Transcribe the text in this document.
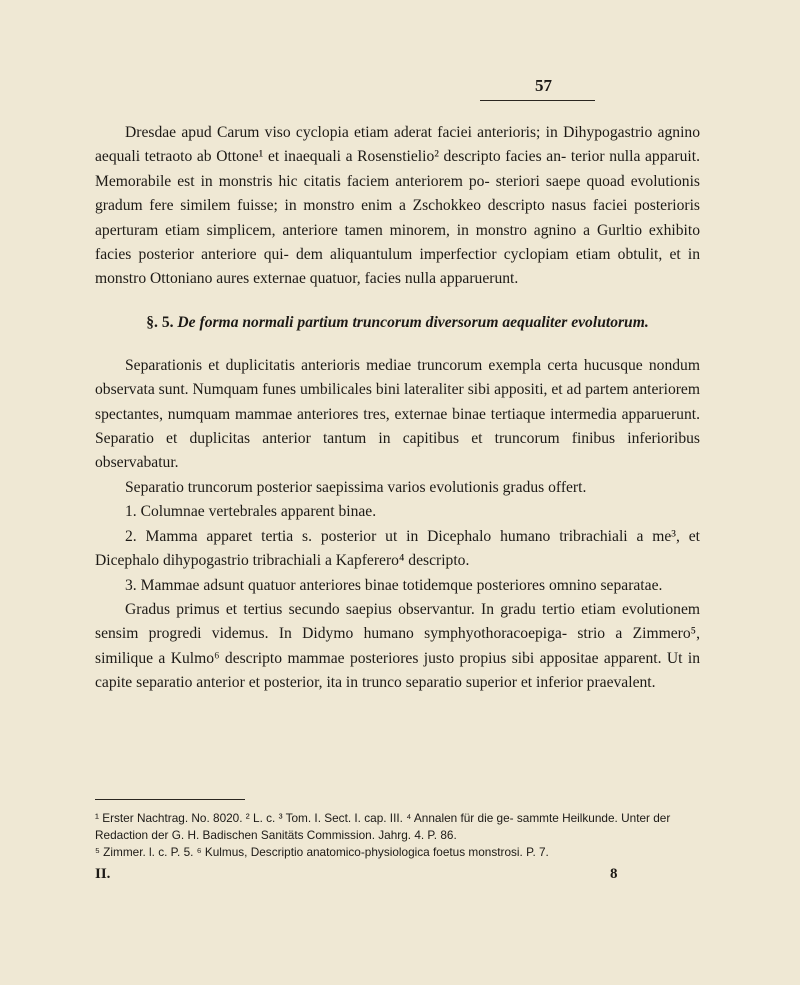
57

Dresdae apud Carum viso cyclopia etiam aderat faciei anterioris; in Dihypogastrio agnino aequali tetraoto ab Ottone¹ et inaequali a Rosenstielio² descripto facies an- terior nulla apparuit. Memorabile est in monstris hic citatis faciem anteriorem po- steriori saepe quoad evolutionis gradum fere similem fuisse; in monstro enim a Zschokkeo descripto nasus faciei posterioris aperturam etiam simplicem, anteriore tamen minorem, in monstro agnino a Gurltio exhibito facies posterior anteriore qui- dem aliquantulum imperfectior cyclopiam etiam obtulit, et in monstro Ottoniano aures externae quatuor, facies nulla apparuerunt.

§. 5. De forma normali partium truncorum diversorum aequaliter evolutorum.

Separationis et duplicitatis anterioris mediae truncorum exempla certa hucusque nondum observata sunt. Numquam funes umbilicales bini lateraliter sibi appositi, et ad partem anteriorem spectantes, numquam mammae anteriores tres, externae binae tertiaque intermedia apparuerunt. Separatio et duplicitas anterior tantum in capitibus et truncorum finibus inferioribus observabatur.

Separatio truncorum posterior saepissima varios evolutionis gradus offert.

1. Columnae vertebrales apparent binae.

2. Mamma apparet tertia s. posterior ut in Dicephalo humano tribrachiali a me³, et Dicephalo dihypogastrio tribrachiali a Kapferero⁴ descripto.

3. Mammae adsunt quatuor anteriores binae totidemque posteriores omnino separatae.

Gradus primus et tertius secundo saepius observantur. In gradu tertio etiam evolutionem sensim progredi videmus. In Didymo humano symphyothoracoepiga- strio a Zimmero⁵, similique a Kulmo⁶ descripto mammae posteriores justo propius sibi appositae apparent. Ut in capite separatio anterior et posterior, ita in trunco separatio superior et inferior praevalent.

¹ Erster Nachtrag. No. 8020. ² L. c. ³ Tom. I. Sect. I. cap. III. ⁴ Annalen für die ge- sammte Heilkunde. Unter der Redaction der G. H. Badischen Sanitäts Commission. Jahrg. 4. P. 86.

⁵ Zimmer. l. c. P. 5. ⁶ Kulmus, Descriptio anatomico-physiologica foetus monstrosi. P. 7.

II.	8
